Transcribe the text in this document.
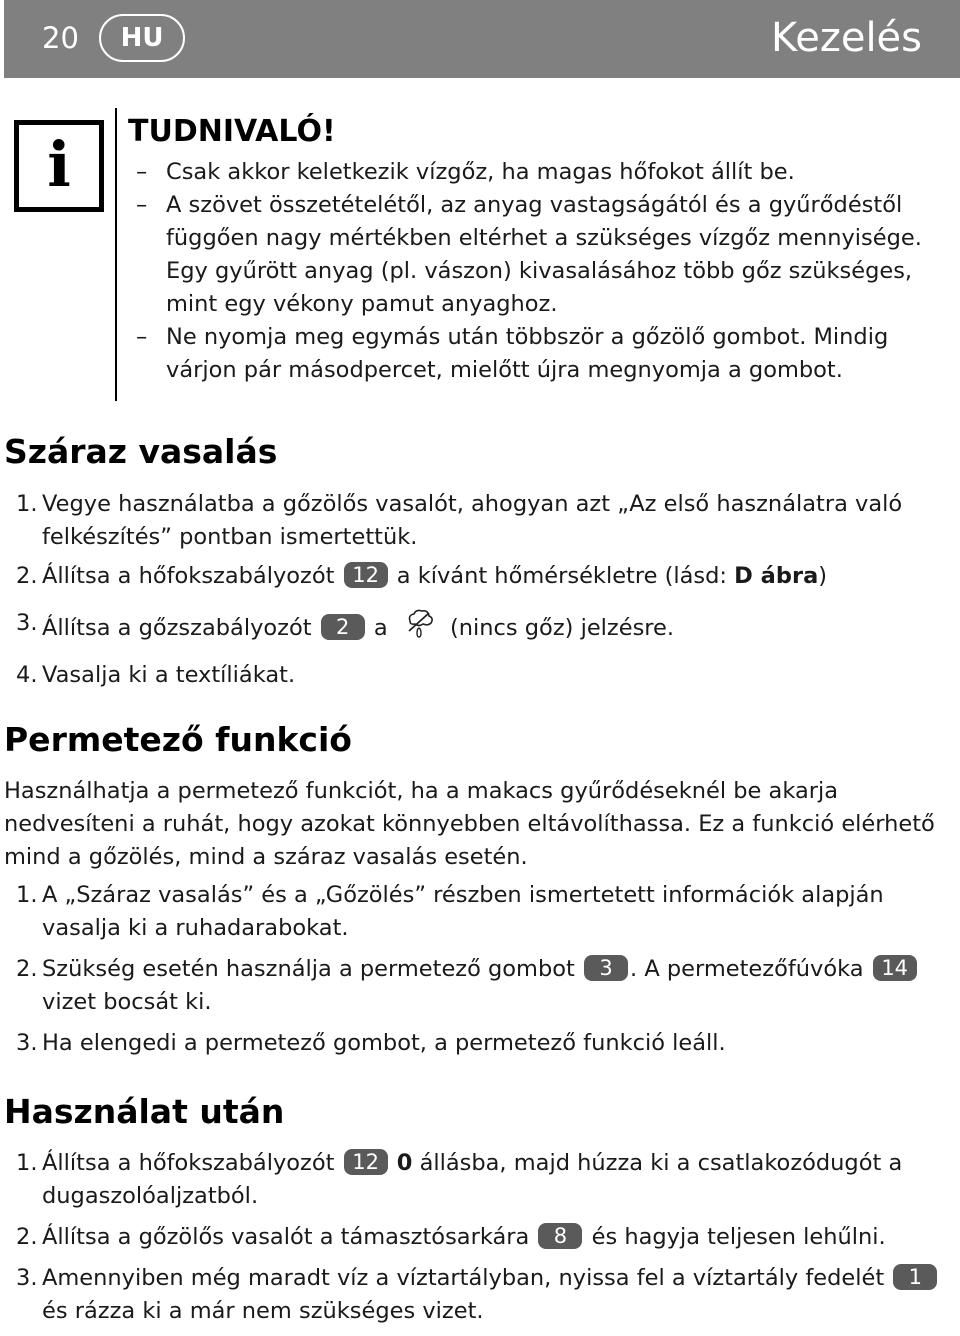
20	HU	Kezelés
i	TUDNIVALÓ!
– Csak akkor keletkezik vízgőz, ha magas hőfokot állít be.
– A szövet összetételétől, az anyag vastagságától és a gyűrődéstől függően nagy mértékben eltérhet a szükséges vízgőz mennyisége. Egy gyűrött anyag (pl. vászon) kivasalásához több gőz szükséges, mint egy vékony pamut anyaghoz.
– Ne nyomja meg egymás után többször a gőzölő gombot. Mindig várjon pár másodpercet, mielőtt újra megnyomja a gombot.
Száraz vasalás
1. Vegye használatba a gőzölős vasalót, ahogyan azt „Az első használatra való felkészítés” pontban ismertettük.
2. Állítsa a hőfokszabályozót 12 a kívánt hőmérsékletre (lásd: D ábra)
3. Állítsa a gőzszabályozót 2 a	(nincs gőz) jelzésre.
4. Vasalja ki a textíliákat.
Permetező funkció
Használhatja a permetező funkciót, ha a makacs gyűrődéseknél be akarja nedvesíteni a ruhát, hogy azokat könnyebben eltávolíthassa. Ez a funkció elérhető mind a gőzölés, mind a száraz vasalás esetén.
1. A „Száraz vasalás” és a „Gőzölés” részben ismertetett információk alapján vasalja ki a ruhadarabokat.
2. Szükség esetén használja a permetező gombot 3 . A permetezőfúvóka 14 vizet bocsát ki.
3. Ha elengedi a permetező gombot, a permetező funkció leáll.
Használat után
1. Állítsa a hőfokszabályozót 12 0 állásba, majd húzza ki a csatlakozódugót a dugaszolóaljzatból.
2. Állítsa a gőzölős vasalót a támasztósarkára 8 és hagyja teljesen lehűlni.
3. Amennyiben még maradt víz a víztartályban, nyissa fel a víztartály fedelét 1 és rázza ki a már nem szükséges vizet.
